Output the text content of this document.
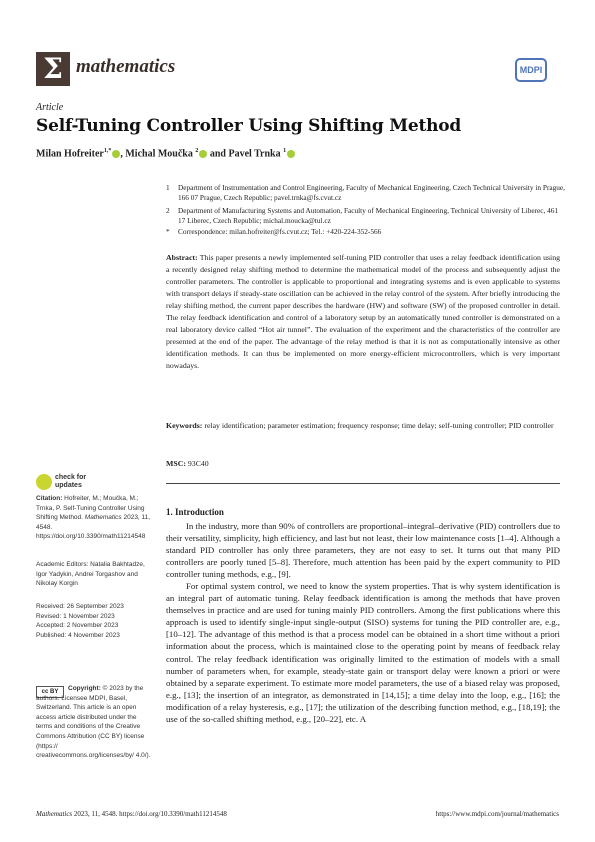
Σ mathematics	MDPI
Article
Self-Tuning Controller Using Shifting Method
Milan Hofreiter$^{1,*}$ , Michal Moučka $^2$ and Pavel Trnka $^1$
1 Department of Instrumentation and Control Engineering, Faculty of Mechanical Engineering, Czech Technical University in Prague, 166 07 Prague, Czech Republic; pavel.trnka@fs.cvut.cz
2 Department of Manufacturing Systems and Automation, Faculty of Mechanical Engineering, Technical University of Liberec, 461 17 Liberec, Czech Republic; michal.moucka@tul.cz
* Correspondence: milan.hofreiter@fs.cvut.cz; Tel.: +420-224-352-566
Abstract: This paper presents a newly implemented self-tuning PID controller that uses a relay feedback identification using a recently designed relay shifting method to determine the mathematical model of the process and subsequently adjust the controller parameters. The controller is applicable to proportional and integrating systems and is even applicable to systems with transport delays if steady-state oscillation can be achieved in the relay control of the system. After briefly introducing the relay shifting method, the current paper describes the hardware (HW) and software (SW) of the proposed controller in detail. The relay feedback identification and control of a laboratory setup by an automatically tuned controller is demonstrated on a real laboratory device called “Hot air tunnel”. The evaluation of the experiment and the characteristics of the controller are presented at the end of the paper. The advantage of the relay method is that it is not as computationally intensive as other identification methods. It can thus be implemented on more energy-efficient microcontrollers, which is very important nowadays.
Keywords: relay identification; parameter estimation; frequency response; time delay; self-tuning controller; PID controller
MSC: 93C40
check for
updates
Citation: Hofreiter, M.; Moučka, M.; Trnka, P. Self-Tuning Controller Using Shifting Method. Mathematics 2023, 11, 4548. https://doi.org/10.3390/math11214548
Academic Editors: Natalia Bakhtadze, Igor Yadykin, Andrei Torgashov and Nikolay Korgin
Received: 26 September 2023
Revised: 1 November 2023
Accepted: 2 November 2023
Published: 4 November 2023
cc BY	Copyright: © 2023 by the authors. Licensee MDPI, Basel, Switzerland. This article is an open access article distributed under the terms and conditions of the Creative Commons Attribution (CC BY) license (https:// creativecommons.org/licenses/by/ 4.0/).
1. Introduction

In the industry, more than 90% of controllers are proportional–integral–derivative (PID) controllers due to their versatility, simplicity, high efficiency, and last but not least, their low maintenance costs [1–4]. Although a standard PID controller has only three parameters, they are not easy to set. It turns out that many PID controllers are poorly tuned [5–8]. Therefore, much attention has been paid by the expert community to PID controller tuning methods, e.g., [9].

For optimal system control, we need to know the system properties. That is why system identification is an integral part of automatic tuning. Relay feedback identification is among the methods that have proven themselves in practice and are used for tuning mainly PID controllers. Among the first publications where this approach is used to identify single-input single-output (SISO) systems for tuning the PID controller are, e.g., [10–12]. The advantage of this method is that a process model can be obtained in a short time without a priori information about the process, which is maintained close to the operating point by means of feedback relay control. The relay feedback identification was originally limited to the estimation of models with a small number of parameters when, for example, steady-state gain or transport delay were known a priori or were obtained by a separate experiment. To estimate more model parameters, the use of a biased relay was proposed, e.g., [13]; the insertion of an integrator, as demonstrated in [14,15]; a time delay into the loop, e.g., [16]; the modification of a relay hysteresis, e.g., [17]; the utilization of the describing function method, e.g., [18,19]; the use of the so-called shifting method, e.g., [20–22], etc. A

Mathematics 2023, 11, 4548. https://doi.org/10.3390/math11214548	https://www.mdpi.com/journal/mathematics
